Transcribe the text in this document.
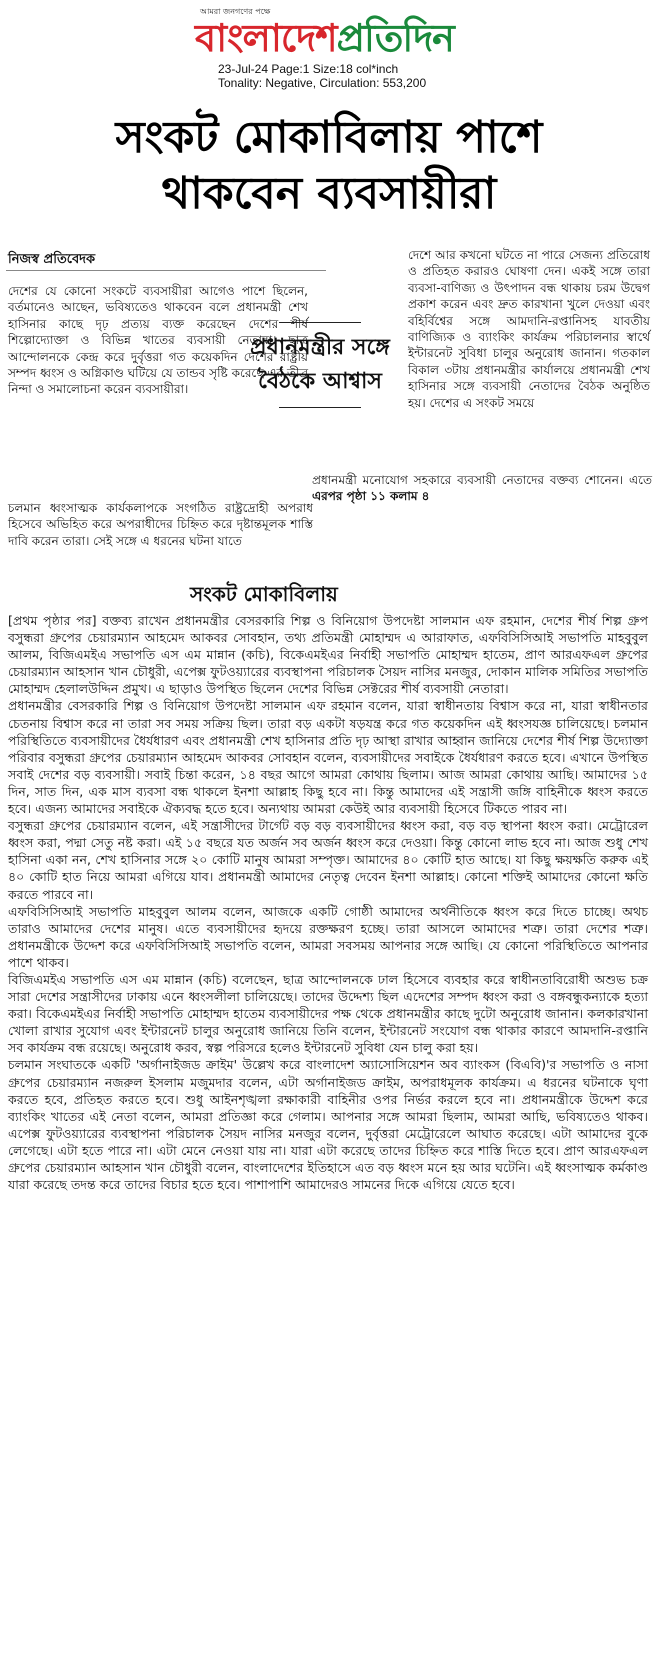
আমরা জনগণের পক্ষে
বাংলাদেশপ্রতিদিন
23-Jul-24 Page:1 Size:18 col*inch
Tonality: Negative, Circulation: 553,200
সংকট মোকাবিলায় পাশে
থাকবেন ব্যবসায়ীরা
নিজস্ব প্রতিবেদক

দেশের যে কোনো সংকটে ব্যবসায়ীরা আগেও পাশে ছিলেন, বর্তমানেও আছেন, ভবিষ্যতেও থাকবেন বলে প্রধানমন্ত্রী শেখ হাসিনার কাছে দৃঢ় প্রত্যয় ব্যক্ত করেছেন দেশের শীর্ষ শিল্পোদ্যোক্তা ও বিভিন্ন খাতের ব্যবসায়ী নেতারা। ছাত্র আন্দোলনকে কেন্দ্র করে দুর্বৃত্তরা গত কয়েকদিন দেশের রাষ্ট্রীয় সম্পদ ধ্বংস ও অগ্নিকাণ্ড ঘটিয়ে যে তান্ডব সৃষ্টি করেছে এর তীব্র নিন্দা ও সমালোচনা করেন ব্যবসায়ীরা।

চলমান ধ্বংসাত্মক কার্যকলাপকে সংগঠিত রাষ্ট্রদ্রোহী অপরাধ হিসেবে অভিহিত করে অপরাধীদের চিহ্নিত করে দৃষ্টান্তমূলক শাস্তি দাবি করেন তারা। সেই সঙ্গে এ ধরনের ঘটনা যাতে

প্রধানমন্ত্রীর সঙ্গে বৈঠকে আশ্বাস

দেশে আর কখনো ঘটতে না পারে সেজন্য প্রতিরোধ ও প্রতিহত করারও ঘোষণা দেন। একই সঙ্গে তারা ব্যবসা-বাণিজ্য ও উৎপাদন বন্ধ থাকায় চরম উদ্বেগ প্রকাশ করেন এবং দ্রুত কারখানা খুলে দেওয়া এবং বহির্বিশ্বের সঙ্গে আমদানি-রপ্তানিসহ যাবতীয় বাণিজ্যিক ও ব্যাংকিং কার্যক্রম পরিচালনার স্বার্থে ইন্টারনেট সুবিধা চালুর অনুরোধ জানান। গতকাল বিকাল ৩টায় প্রধানমন্ত্রীর কার্যালয়ে প্রধানমন্ত্রী শেখ হাসিনার সঙ্গে ব্যবসায়ী নেতাদের বৈঠক অনুষ্ঠিত হয়। দেশের এ সংকট সময়ে

প্রধানমন্ত্রী মনোযোগ সহকারে ব্যবসায়ী নেতাদের বক্তব্য শোনেন। এতে এরপর পৃষ্ঠা ১১ কলাম ৪

সংকট মোকাবিলায়

[প্রথম পৃষ্ঠার পর] বক্তব্য রাখেন প্রধানমন্ত্রীর বেসরকারি শিল্প ও বিনিয়োগ উপদেষ্টা সালমান এফ রহমান, দেশের শীর্ষ শিল্প গ্রুপ বসুন্ধরা গ্রুপের চেয়ারম্যান আহমেদ আকবর সোবহান, তথ্য প্রতিমন্ত্রী মোহাম্মদ এ আরাফাত, এফবিসিসিআই সভাপতি মাহবুবুল আলম, বিজিএমইএ সভাপতি এস এম মান্নান (কচি), বিকেএমইএর নির্বাহী সভাপতি মোহাম্মদ হাতেম, প্রাণ আরএফএল গ্রুপের চেয়ারম্যান আহসান খান চৌধুরী, এপেক্স ফুটওয়্যারের ব্যবস্থাপনা পরিচালক সৈয়দ নাসির মনজুর, দোকান মালিক সমিতির সভাপতি মোহাম্মদ হেলালউদ্দিন প্রমুখ। এ ছাড়াও উপস্থিত ছিলেন দেশের বিভিন্ন সেক্টরের শীর্ষ ব্যবসায়ী নেতারা।

প্রধানমন্ত্রীর বেসরকারি শিল্প ও বিনিয়োগ উপদেষ্টা সালমান এফ রহমান বলেন, যারা স্বাধীনতায় বিশ্বাস করে না, যারা স্বাধীনতার চেতনায় বিশ্বাস করে না তারা সব সময় সক্রিয় ছিল। তারা বড় একটা ষড়যন্ত্র করে গত কয়েকদিন এই ধ্বংসযজ্ঞ চালিয়েছে। চলমান পরিস্থিতিতে ব্যবসায়ীদের ধৈর্যধারণ এবং প্রধানমন্ত্রী শেখ হাসিনার প্রতি দৃঢ় আস্থা রাখার আহ্বান জানিয়ে দেশের শীর্ষ শিল্প উদ্যোক্তা পরিবার বসুন্ধরা গ্রুপের চেয়ারম্যান আহমেদ আকবর সোবহান বলেন, ব্যবসায়ীদের সবাইকে ধৈর্যধারণ করতে হবে। এখানে উপস্থিত সবাই দেশের বড় ব্যবসায়ী। সবাই চিন্তা করেন, ১৪ বছর আগে আমরা কোথায় ছিলাম। আজ আমরা কোথায় আছি। আমাদের ১৫ দিন, সাত দিন, এক মাস ব্যবসা বন্ধ থাকলে ইনশা আল্লাহ কিছু হবে না। কিন্তু আমাদের এই সন্ত্রাসী জঙ্গি বাহিনীকে ধ্বংস করতে হবে। এজন্য আমাদের সবাইকে ঐক্যবদ্ধ হতে হবে। অন্যথায় আমরা কেউই আর ব্যবসায়ী হিসেবে টিকতে পারব না।

বসুন্ধরা গ্রুপের চেয়ারম্যান বলেন, এই সন্ত্রাসীদের টার্গেট বড় বড় ব্যবসায়ীদের ধ্বংস করা, বড় বড় স্থাপনা ধ্বংস করা। মেট্রোরেল ধ্বংস করা, পদ্মা সেতু নষ্ট করা। এই ১৫ বছরে যত অর্জন সব অর্জন ধ্বংস করে দেওয়া। কিন্তু কোনো লাভ হবে না। আজ শুধু শেখ হাসিনা একা নন, শেখ হাসিনার সঙ্গে ২০ কোটি মানুষ আমরা সম্পৃক্ত। আমাদের ৪০ কোটি হাত আছে। যা কিছু ক্ষয়ক্ষতি করুক এই ৪০ কোটি হাত নিয়ে আমরা এগিয়ে যাব। প্রধানমন্ত্রী আমাদের নেতৃত্ব দেবেন ইনশা আল্লাহ। কোনো শক্তিই আমাদের কোনো ক্ষতি করতে পারবে না।

এফবিসিসিআই সভাপতি মাহবুবুল আলম বলেন, আজকে একটি গোষ্ঠী আমাদের অর্থনীতিকে ধ্বংস করে দিতে চাচ্ছে। অথচ তারাও আমাদের দেশের মানুষ। এতে ব্যবসায়ীদের হৃদয়ে রক্তক্ষরণ হচ্ছে। তারা আসলে আমাদের শত্রু। তারা দেশের শত্রু। প্রধানমন্ত্রীকে উদ্দেশ করে এফবিসিসিআই সভাপতি বলেন, আমরা সবসময় আপনার সঙ্গে আছি। যে কোনো পরিস্থিতিতে আপনার পাশে থাকব।

বিজিএমইএ সভাপতি এস এম মান্নান (কচি) বলেছেন, ছাত্র আন্দোলনকে ঢাল হিসেবে ব্যবহার করে স্বাধীনতাবিরোধী অশুভ চক্র সারা দেশের সন্ত্রাসীদের ঢাকায় এনে ধ্বংসলীলা চালিয়েছে। তাদের উদ্দেশ্য ছিল এদেশের সম্পদ ধ্বংস করা ও বঙ্গবন্ধুকন্যাকে হত্যা করা। বিকেএমইএর নির্বাহী সভাপতি মোহাম্মদ হাতেম ব্যবসায়ীদের পক্ষ থেকে প্রধানমন্ত্রীর কাছে দুটো অনুরোধ জানান। কলকারখানা খোলা রাখার সুযোগ এবং ইন্টারনেট চালুর অনুরোধ জানিয়ে তিনি বলেন, ইন্টারনেট সংযোগ বন্ধ থাকার কারণে আমদানি-রপ্তানি সব কার্যক্রম বন্ধ রয়েছে। অনুরোধ করব, স্বল্প পরিসরে হলেও ইন্টারনেট সুবিধা যেন চালু করা হয়।

চলমান সংঘাতকে একটি 'অর্গানাইজড ক্রাইম' উল্লেখ করে বাংলাদেশ অ্যাসোসিয়েশন অব ব্যাংকস (বিএবি)'র সভাপতি ও নাসা গ্রুপের চেয়ারম্যান নজরুল ইসলাম মজুমদার বলেন, এটা অর্গানাইজড ক্রাইম, অপরাধমূলক কার্যক্রম। এ ধরনের ঘটনাকে ঘৃণা করতে হবে, প্রতিহত করতে হবে। শুধু আইনশৃঙ্খলা রক্ষাকারী বাহিনীর ওপর নির্ভর করলে হবে না। প্রধানমন্ত্রীকে উদ্দেশ করে ব্যাংকিং খাতের এই নেতা বলেন, আমরা প্রতিজ্ঞা করে গেলাম। আপনার সঙ্গে আমরা ছিলাম, আমরা আছি, ভবিষ্যতেও থাকব। এপেক্স ফুটওয়্যারের ব্যবস্থাপনা পরিচালক সৈয়দ নাসির মনজুর বলেন, দুর্বৃত্তরা মেট্রোরেলে আঘাত করেছে। এটা আমাদের বুকে লেগেছে। এটা হতে পারে না। এটা মেনে নেওয়া যায় না। যারা এটা করেছে তাদের চিহ্নিত করে শাস্তি দিতে হবে। প্রাণ আরএফএল গ্রুপের চেয়ারম্যান আহসান খান চৌধুরী বলেন, বাংলাদেশের ইতিহাসে এত বড় ধ্বংস মনে হয় আর ঘটেনি। এই ধ্বংসাত্মক কর্মকাণ্ড যারা করেছে তদন্ত করে তাদের বিচার হতে হবে। পাশাপাশি আমাদেরও সামনের দিকে এগিয়ে যেতে হবে।
